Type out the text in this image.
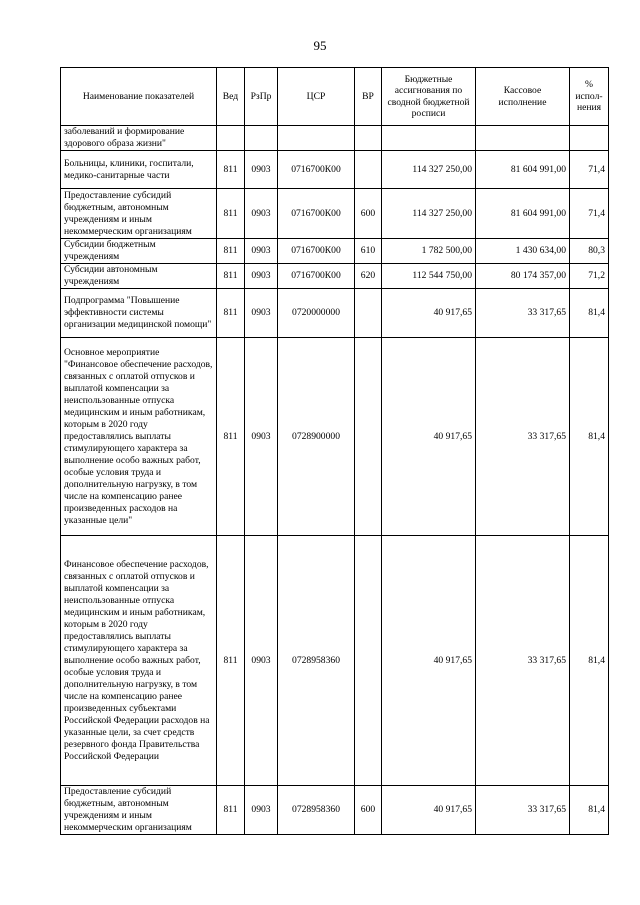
95
Наименование показателей	Вед	РзПр	ЦСР	ВР	Бюджетные ассигнования по сводной бюджетной росписи	Кассовое исполнение	% испол-нения
заболеваний и формирование здорового образа жизни"							
Больницы, клиники, госпитали, медико-санитарные части	811	0903	0716700К00		114 327 250,00	81 604 991,00	71,4
Предоставление субсидий бюджетным, автономным учреждениям и иным некоммерческим организациям	811	0903	0716700К00	600	114 327 250,00	81 604 991,00	71,4
Субсидии бюджетным учреждениям	811	0903	0716700К00	610	1 782 500,00	1 430 634,00	80,3
Субсидии автономным учреждениям	811	0903	0716700К00	620	112 544 750,00	80 174 357,00	71,2
Подпрограмма "Повышение эффективности системы организации медицинской помощи"	811	0903	0720000000		40 917,65	33 317,65	81,4
Основное мероприятие "Финансовое обеспечение расходов, связанных с оплатой отпусков и выплатой компенсации за неиспользованные отпуска медицинским и иным работникам, которым в 2020 году предоставлялись выплаты стимулирующего характера за выполнение особо важных работ, особые условия труда и дополнительную нагрузку, в том числе на компенсацию ранее произведенных расходов на указанные цели"	811	0903	0728900000		40 917,65	33 317,65	81,4
Финансовое обеспечение расходов, связанных с оплатой отпусков и выплатой компенсации за неиспользованные отпуска медицинским и иным работникам, которым в 2020 году предоставлялись выплаты стимулирующего характера за выполнение особо важных работ, особые условия труда и дополнительную нагрузку, в том числе на компенсацию ранее произведенных субъектами Российской Федерации расходов на указанные цели, за счет средств резервного фонда Правительства Российской Федерации	811	0903	0728958360		40 917,65	33 317,65	81,4
Предоставление субсидий бюджетным, автономным учреждениям и иным некоммерческим организациям	811	0903	0728958360	600	40 917,65	33 317,65	81,4
